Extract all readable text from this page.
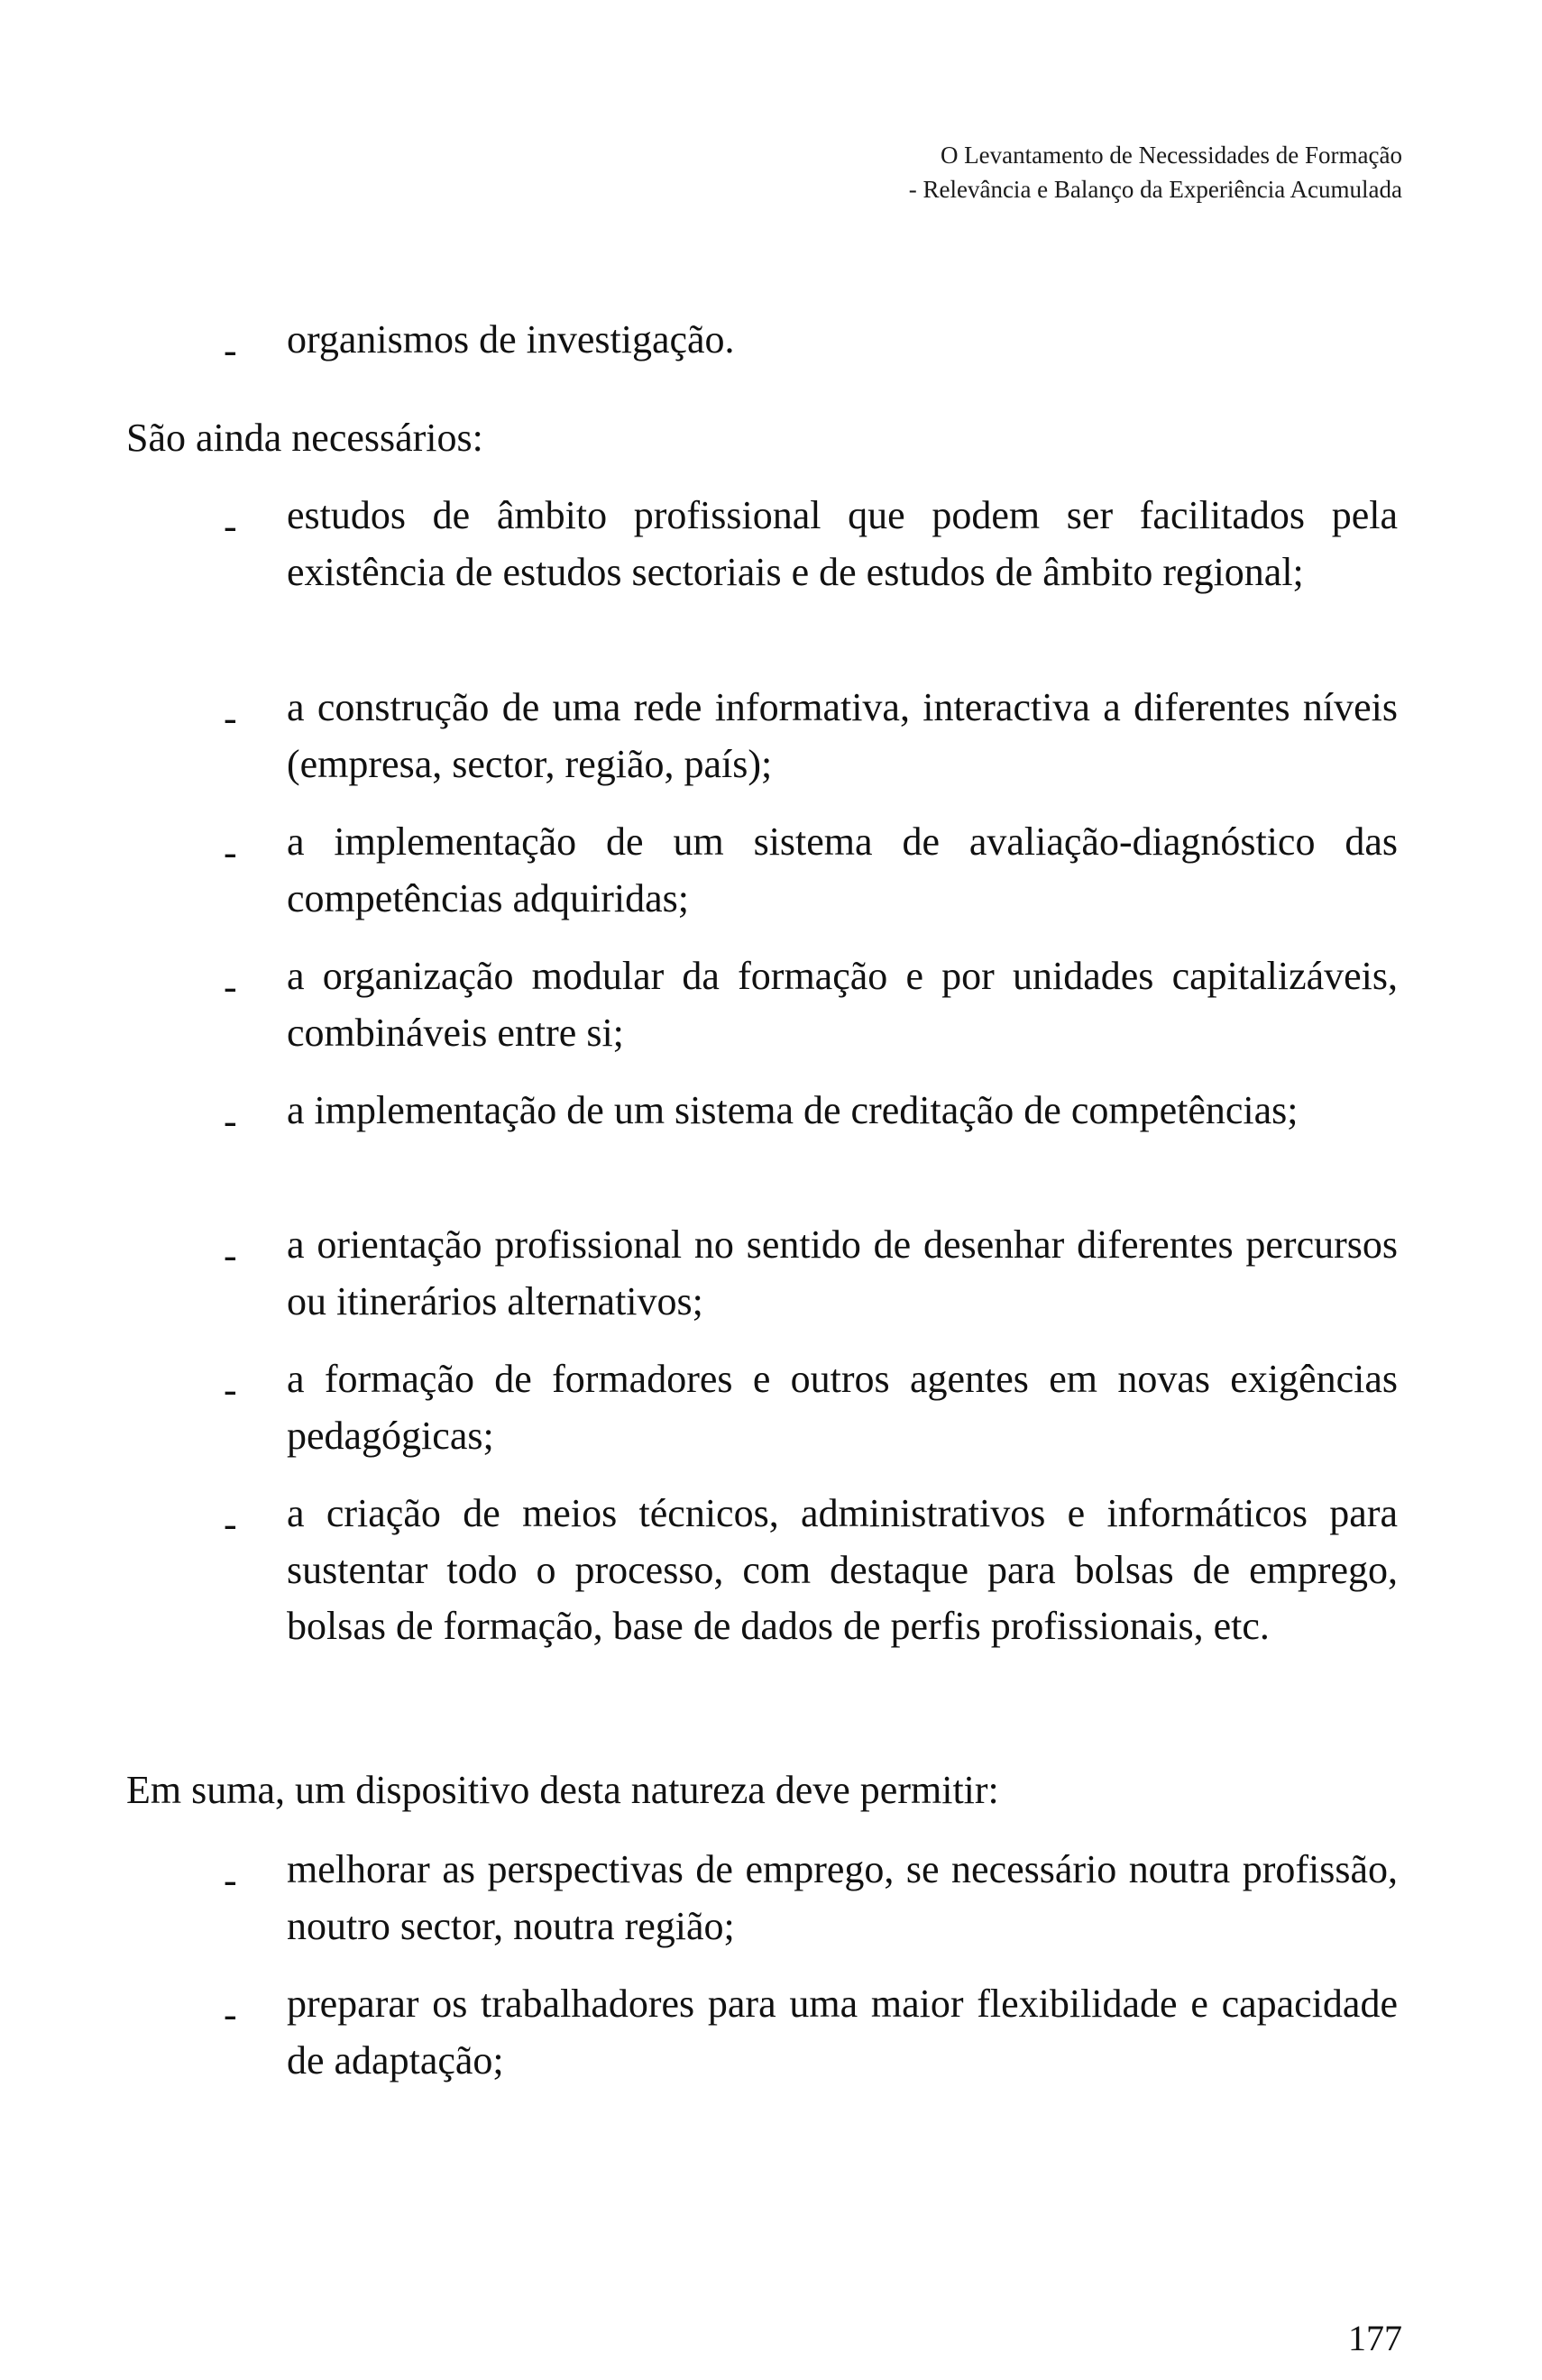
O Levantamento de Necessidades de Formação
- Relevância e Balanço da Experiência Acumulada
-	organismos de investigação.
São ainda necessários:
-	estudos de âmbito profissional que podem ser facilitados pela existência de estudos sectoriais e de estudos de âmbito regional;
-	a construção de uma rede informativa, interactiva a diferentes níveis (empresa, sector, região, país);
-	a implementação de um sistema de avaliação-diagnóstico das competências adquiridas;
-	a organização modular da formação e por unidades capitalizáveis, combináveis entre si;
-	a implementação de um sistema de creditação de competências;
-	a orientação profissional no sentido de desenhar diferentes percursos ou itinerários alternativos;
-	a formação de formadores e outros agentes em novas exigências pedagógicas;
-	a criação de meios técnicos, administrativos e informáticos para sustentar todo o processo, com destaque para bolsas de emprego, bolsas de formação, base de dados de perfis profissionais, etc.
Em suma, um dispositivo desta natureza deve permitir:
-	melhorar as perspectivas de emprego, se necessário noutra profissão, noutro sector, noutra região;
-	preparar os trabalhadores para uma maior flexibilidade e capacidade de adaptação;
177
